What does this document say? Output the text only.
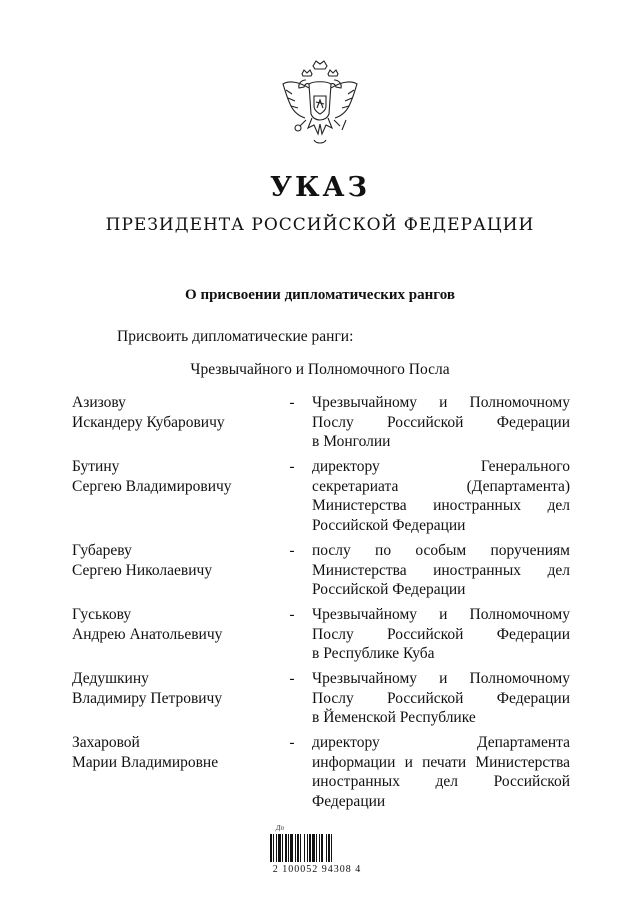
УКАЗ
ПРЕЗИДЕНТА РОССИЙСКОЙ ФЕДЕРАЦИИ
О присвоении дипломатических рангов
Присвоить дипломатические ранги:
Чрезвычайного и Полномочного Посла
Азизову
Искандеру Кубаровичу
- Чрезвычайному и Полномочному
Послу Российской Федерации
в Монголии
Бутину
Сергею Владимировичу
- директору Генерального
секретариата (Департамента)
Министерства иностранных дел
Российской Федерации
Губареву
Сергею Николаевичу
- послу по особым поручениям
Министерства иностранных дел
Российской Федерации
Гуськову
Андрею Анатольевичу
- Чрезвычайному и Полномочному
Послу Российской Федерации
в Республике Куба
Дедушкину
Владимиру Петровичу
- Чрезвычайному и Полномочному
Послу Российской Федерации
в Йеменской Республике
Захаровой
Марии Владимировне
- директору Департамента
информации и печати Министерства
иностранных дел Российской
Федерации
Дп
2 100052 94308 4
